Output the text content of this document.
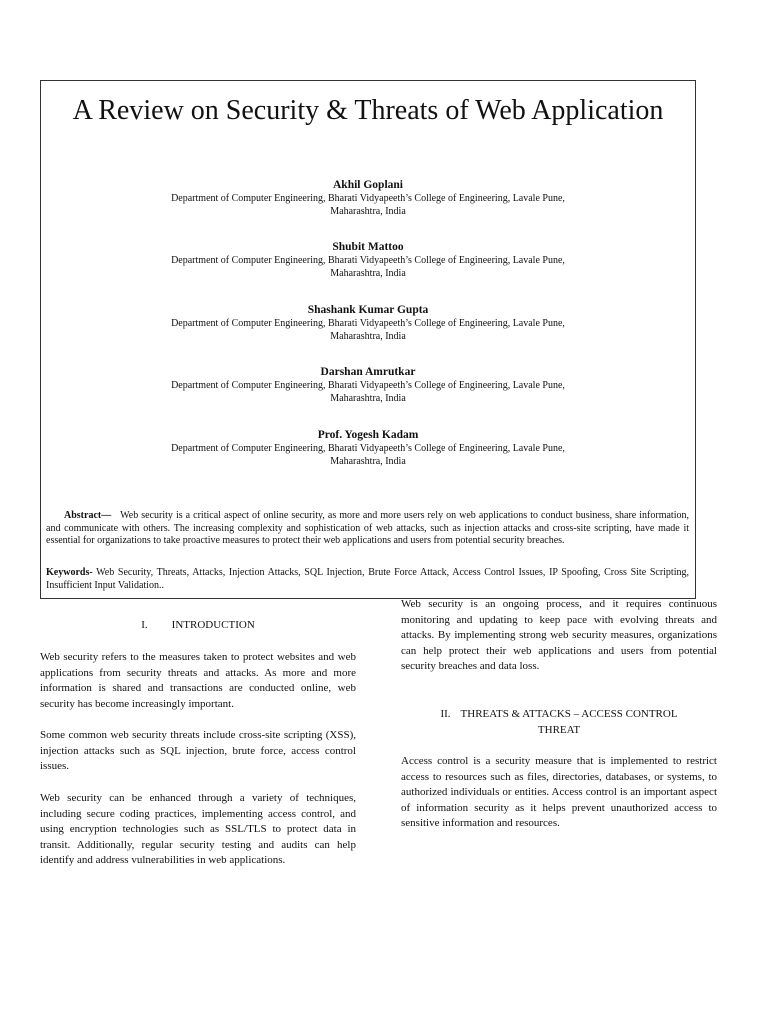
A Review on Security & Threats of Web Application
Akhil Goplani
Department of Computer Engineering, Bharati Vidyapeeth’s College of Engineering, Lavale Pune, Maharashtra, India
Shubit Mattoo
Department of Computer Engineering, Bharati Vidyapeeth’s College of Engineering, Lavale Pune, Maharashtra, India
Shashank Kumar Gupta
Department of Computer Engineering, Bharati Vidyapeeth’s College of Engineering, Lavale Pune, Maharashtra, India
Darshan Amrutkar
Department of Computer Engineering, Bharati Vidyapeeth’s College of Engineering, Lavale Pune, Maharashtra, India
Prof. Yogesh Kadam
Department of Computer Engineering, Bharati Vidyapeeth’s College of Engineering, Lavale Pune, Maharashtra, India
Abstract— Web security is a critical aspect of online security, as more and more users rely on web applications to conduct business, share information, and communicate with others. The increasing complexity and sophistication of web attacks, such as injection attacks and cross-site scripting, have made it essential for organizations to take proactive measures to protect their web applications and users from potential security breaches.
Keywords- Web Security, Threats, Attacks, Injection Attacks, SQL Injection, Brute Force Attack, Access Control Issues, IP Spoofing, Cross Site Scripting, Insufficient Input Validation..
I. INTRODUCTION

Web security refers to the measures taken to protect websites and web applications from security threats and attacks. As more and more information is shared and transactions are conducted online, web security has become increasingly important.

Some common web security threats include cross-site scripting (XSS), injection attacks such as SQL injection, brute force, access control issues.

Web security can be enhanced through a variety of techniques, including secure coding practices, implementing access control, and using encryption technologies such as SSL/TLS to protect data in transit. Additionally, regular security testing and audits can help identify and address vulnerabilities in web applications.

Web security is an ongoing process, and it requires continuous monitoring and updating to keep pace with evolving threats and attacks. By implementing strong web security measures, organizations can help protect their web applications and users from potential security breaches and data loss.

II. THREATS & ATTACKS – ACCESS CONTROL THREAT

Access control is a security measure that is implemented to restrict access to resources such as files, directories, databases, or systems, to authorized individuals or entities. Access control is an important aspect of information security as it helps prevent unauthorized access to sensitive information and resources.
